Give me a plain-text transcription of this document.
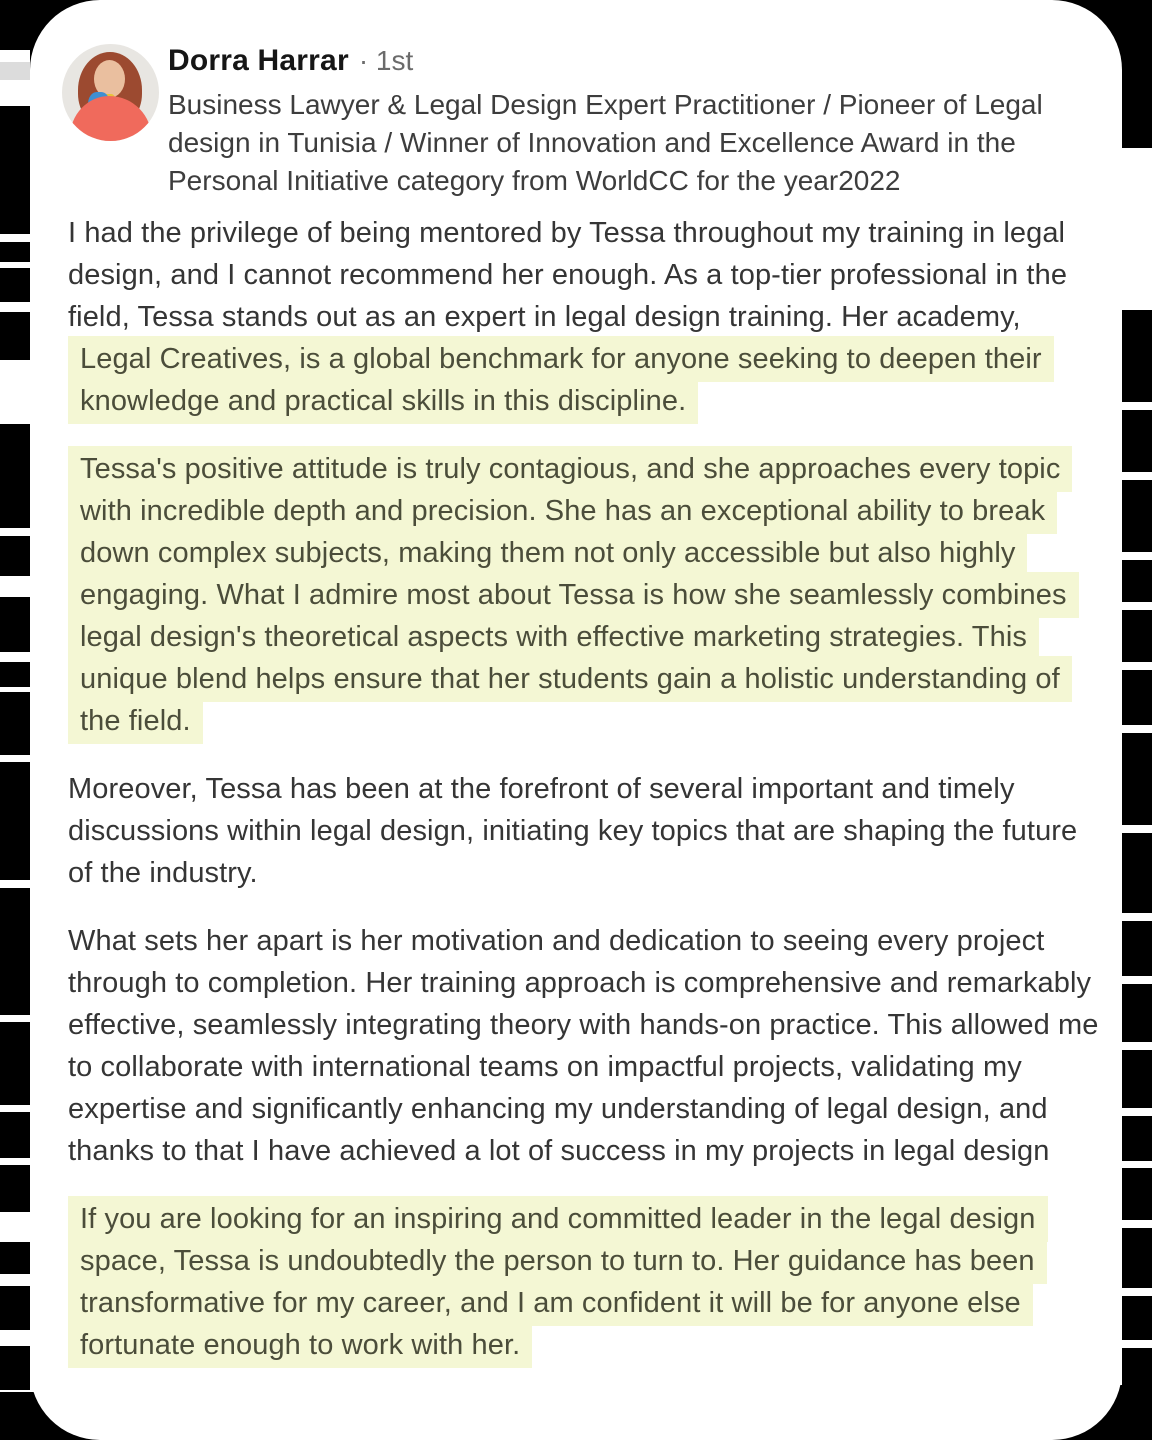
Dorra Harrar · 1st
Business Lawyer & Legal Design Expert Practitioner / Pioneer of Legal design in Tunisia / Winner of Innovation and Excellence Award in the Personal Initiative category from WorldCC for the year2022

I had the privilege of being mentored by Tessa throughout my training in legal design, and I cannot recommend her enough. As a top-tier professional in the field, Tessa stands out as an expert in legal design training. Her academy, Legal Creatives, is a global benchmark for anyone seeking to deepen their knowledge and practical skills in this discipline.

Tessa's positive attitude is truly contagious, and she approaches every topic with incredible depth and precision. She has an exceptional ability to break down complex subjects, making them not only accessible but also highly engaging. What I admire most about Tessa is how she seamlessly combines legal design's theoretical aspects with effective marketing strategies. This unique blend helps ensure that her students gain a holistic understanding of the field.

Moreover, Tessa has been at the forefront of several important and timely discussions within legal design, initiating key topics that are shaping the future of the industry.

What sets her apart is her motivation and dedication to seeing every project through to completion. Her training approach is comprehensive and remarkably effective, seamlessly integrating theory with hands-on practice. This allowed me to collaborate with international teams on impactful projects, validating my expertise and significantly enhancing my understanding of legal design, and thanks to that I have achieved a lot of success in my projects in legal design

If you are looking for an inspiring and committed leader in the legal design space, Tessa is undoubtedly the person to turn to. Her guidance has been transformative for my career, and I am confident it will be for anyone else fortunate enough to work with her.
